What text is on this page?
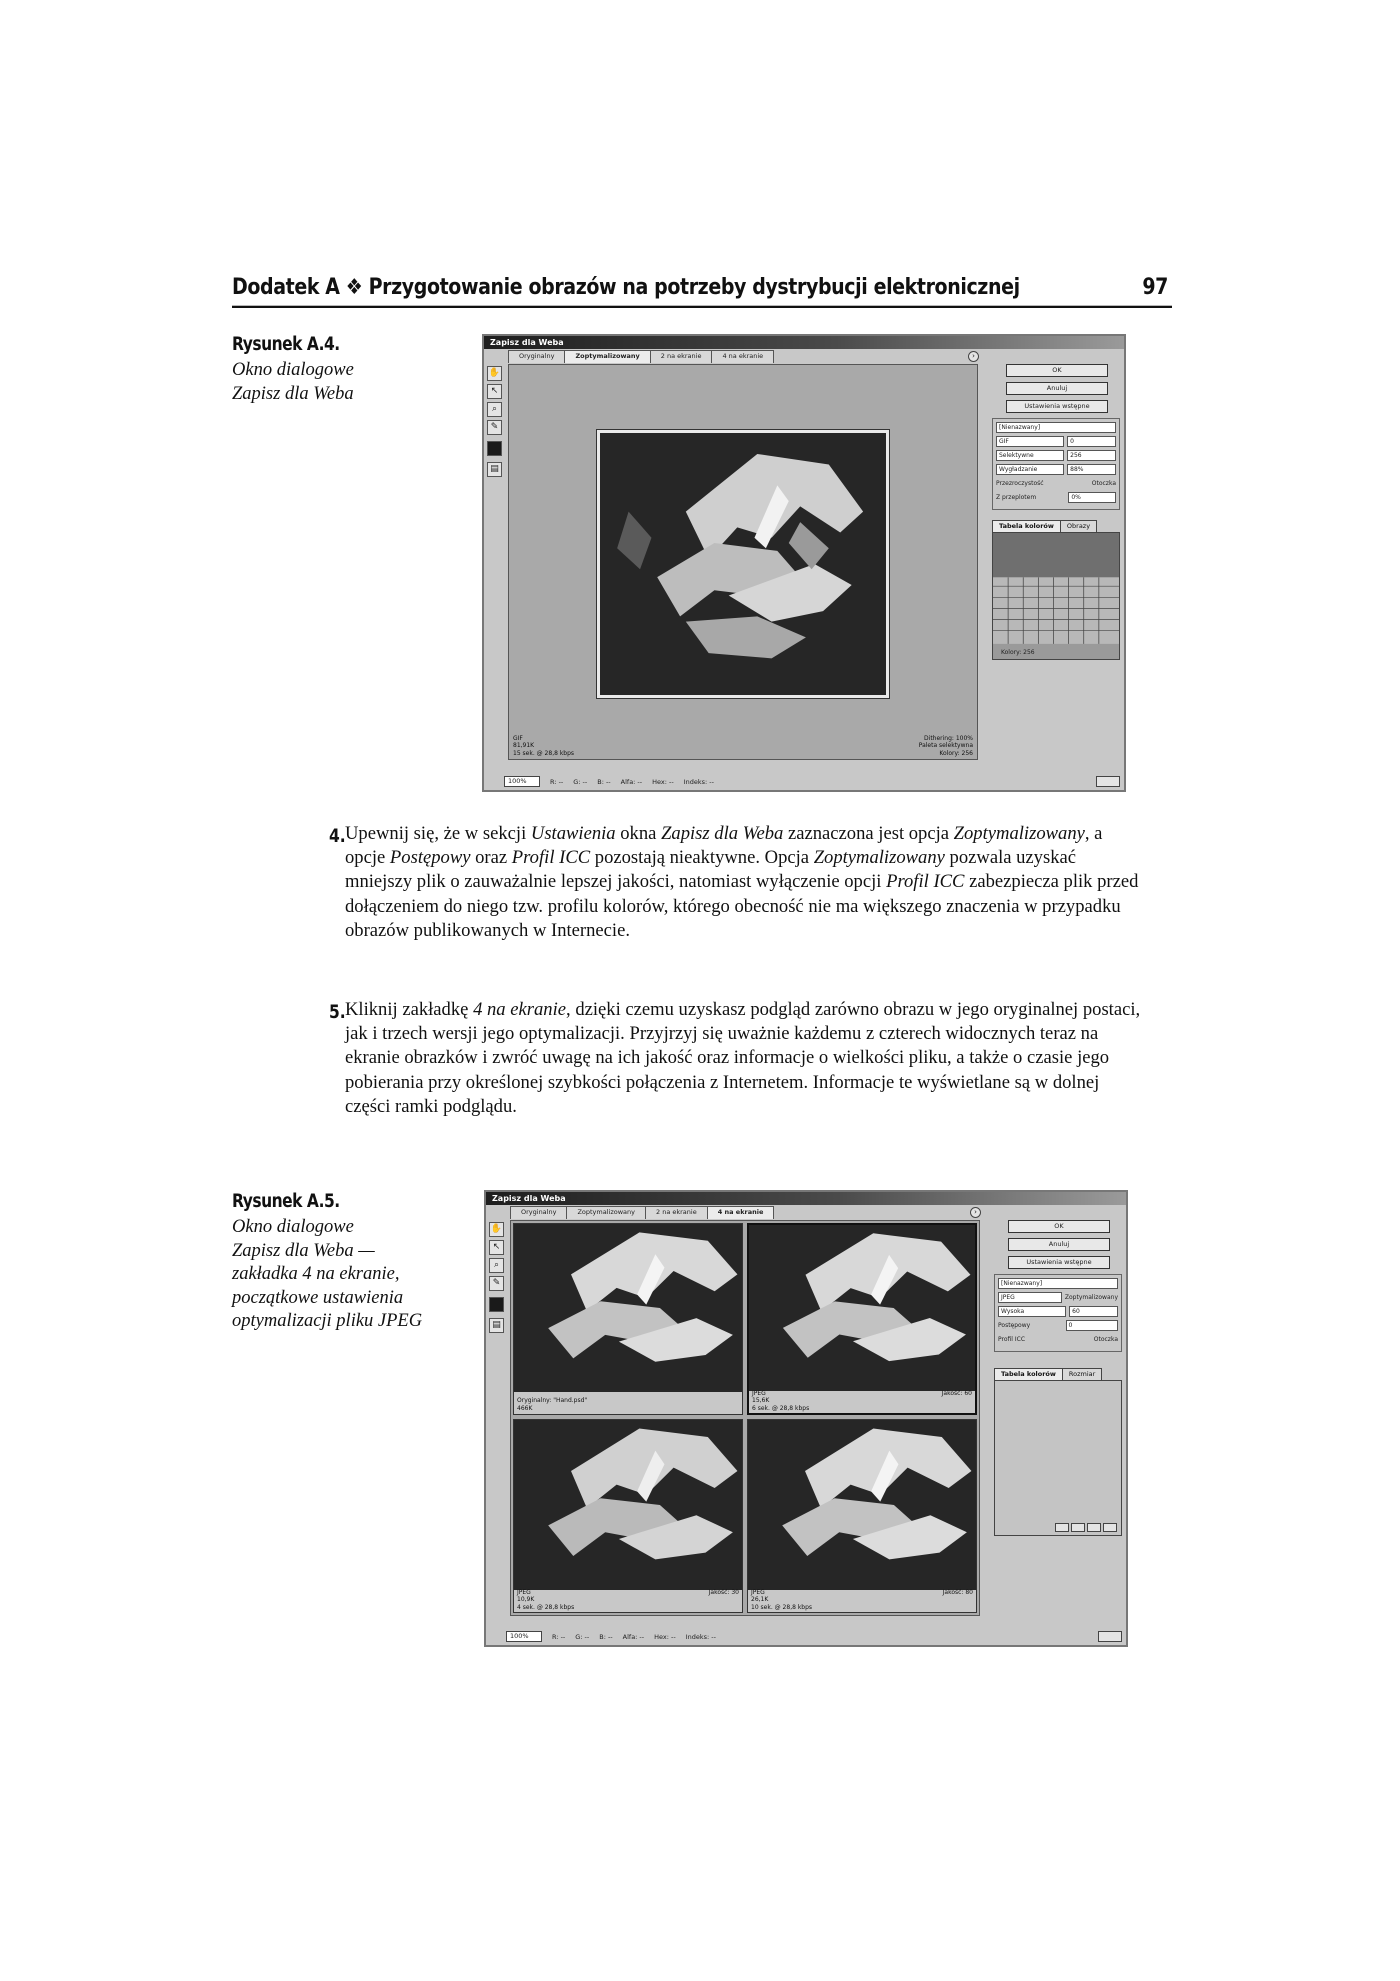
Dodatek A ❖ Przygotowanie obrazów na potrzeby dystrybucji elektronicznej	97
Rysunek A.4.
Okno dialogowe
Zapisz dla Weba
Zapisz dla Weba
Oryginalny	Zoptymalizowany	2 na ekranie	4 na ekranie	›
✋
↖
⌕
✎
▤
GIF
81,91K
15 sek. @ 28,8 kbps
Dithering: 100%
Paleta selektywna
Kolory: 256
OK
Anuluj
Ustawienia wstępne
[Nienazwany]
GIF	0
Selektywne	256
Wygładzanie	88%
Przezroczystość	Otoczka
Z przeplotem	0%
Tabela kolorów	Obrazy
Kolory: 256
100%	R: -- G: -- B: -- Alfa: -- Hex: -- Indeks: --
4. Upewnij się, że w sekcji Ustawienia okna Zapisz dla Weba zaznaczona jest opcja Zoptymalizowany, a opcje Postępowy oraz Profil ICC pozostają nieaktywne. Opcja Zoptymalizowany pozwala uzyskać mniejszy plik o zauważalnie lepszej jakości, natomiast wyłączenie opcji Profil ICC zabezpiecza plik przed dołączeniem do niego tzw. profilu kolorów, którego obecność nie ma większego znaczenia w przypadku obrazów publikowanych w Internecie.
5. Kliknij zakładkę 4 na ekranie, dzięki czemu uzyskasz podgląd zarówno obrazu w jego oryginalnej postaci, jak i trzech wersji jego optymalizacji. Przyjrzyj się uważnie każdemu z czterech widocznych teraz na ekranie obrazków i zwróć uwagę na ich jakość oraz informacje o wielkości pliku, a także o czasie jego pobierania przy określonej szybkości połączenia z Internetem. Informacje te wyświetlane są w dolnej części ramki podglądu.
Rysunek A.5.
Okno dialogowe
Zapisz dla Weba —
zakładka 4 na ekranie,
początkowe ustawienia
optymalizacji pliku JPEG
Zapisz dla Weba
Oryginalny	Zoptymalizowany	2 na ekranie	4 na ekranie	›
✋
↖
⌕
✎
▤
Oryginalny: "Hand.psd"
466K
JPEG
15,6K
6 sek. @ 28,8 kbps
Jakość: 60
JPEG
10,9K
4 sek. @ 28,8 kbps
Jakość: 30 JPEG
26,1K
10 sek. @ 28,8 kbps
Jakość: 80
OK
Anuluj
Ustawienia wstępne
[Nienazwany]
JPEG	Zoptymalizowany
Wysoka	60
Postępowy	0
Profil ICC	Otoczka
Tabela kolorów	Rozmiar
100%	R: -- G: -- B: -- Alfa: -- Hex: -- Indeks: --
